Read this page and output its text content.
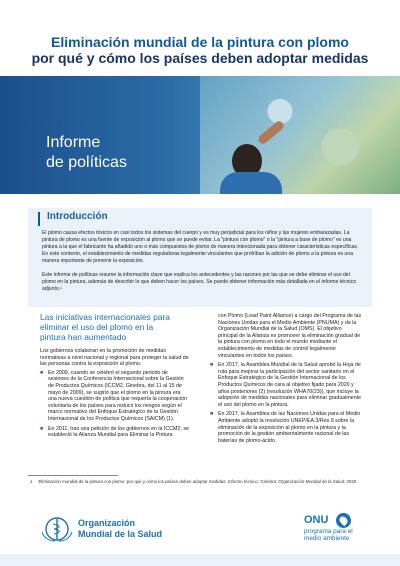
Eliminación mundial de la pintura con plomo
por qué y cómo los países deben adoptar medidas
Informe
de políticas

El plomo causa efectos tóxicos en casi todos los sistemas del cuerpo y es muy perjudicial para los niños y las mujeres embarazadas. La pintura de plomo es una fuente de exposición al plomo que se puede evitar. La "pintura con plomo" o la "pintura a base de plomo" es una pintura a la que el fabricante ha añadido uno o más compuestos de plomo de manera intencionada para obtener características específicas. En este contexto, el establecimiento de medidas reguladoras legalmente vinculantes que prohíban la adición de plomo a la pintura es una manera importante de prevenir la exposición.

Este informe de políticas resume la información clave que explica los antecedentes y las razones por las que se debe eliminar el uso del plomo en la pintura, además de describir lo que deben hacer los países. Se puede obtener información más detallada en el informe técnico adjunto.¹

Introducción
Las iniciativas internacionales para eliminar el uso del plomo en la pintura han aumentado

Los gobiernos colaboran en la promoción de medidas normativas a nivel nacional y regional para proteger la salud de las personas contra la exposición al plomo.

■ En 2009, cuando se celebró el segundo periodo de sesiones de la Conferencia Internacional sobre la Gestión de Productos Químicos (ICCM2, Ginebra, del 11 al 15 de mayo de 2009), se sugirió que el plomo en la pintura era una nueva cuestión de política que requería la cooperación voluntaria de los países para reducir los riesgos según el marco normativo del Enfoque Estratégico de la Gestión Internacional de los Productos Químicos (SAICM) (1).
■ En 2011, tras una petición de los gobiernos en la ICCM2, se estableció la Alianza Mundial para Eliminar la Pintura
con Plomo (Lead Paint Alliance) a cargo del Programa de las Naciones Unidas para el Medio Ambiente (PNUMA) y de la Organización Mundial de la Salud (OMS). El objetivo principal de la Alianza es promover la eliminación gradual de la pintura con plomo en todo el mundo mediante el establecimiento de medidas de control legalmente vinculantes en todos los países.
■ En 2017, la Asamblea Mundial de la Salud aprobó la Hoja de ruta para mejorar la participación del sector sanitario en el Enfoque Estratégico de la Gestión Internacional de los Productos Químicos de cara al objetivo fijado para 2020 y años posteriores (2) (resolución WHA70(23)), que incluye la adopción de medidas nacionales para eliminar gradualmente el uso del plomo en la pintura.
■ En 2017, la Asamblea de las Naciones Unidas para el Medio Ambiente adoptó la resolución UNEP/EA.3/Res.9 sobre la eliminación de la exposición al plomo en la pintura y la promoción de la gestión ambientalmente racional de las baterías de plomo-ácido.
1 Eliminación mundial de la pintura con plomo: por qué y cómo los países deben adoptar medidas. Informe técnico. Ginebra: Organización Mundial de la Salud; 2020.
Organización
Mundial de la Salud
ONU
programa para el
medio ambiente
